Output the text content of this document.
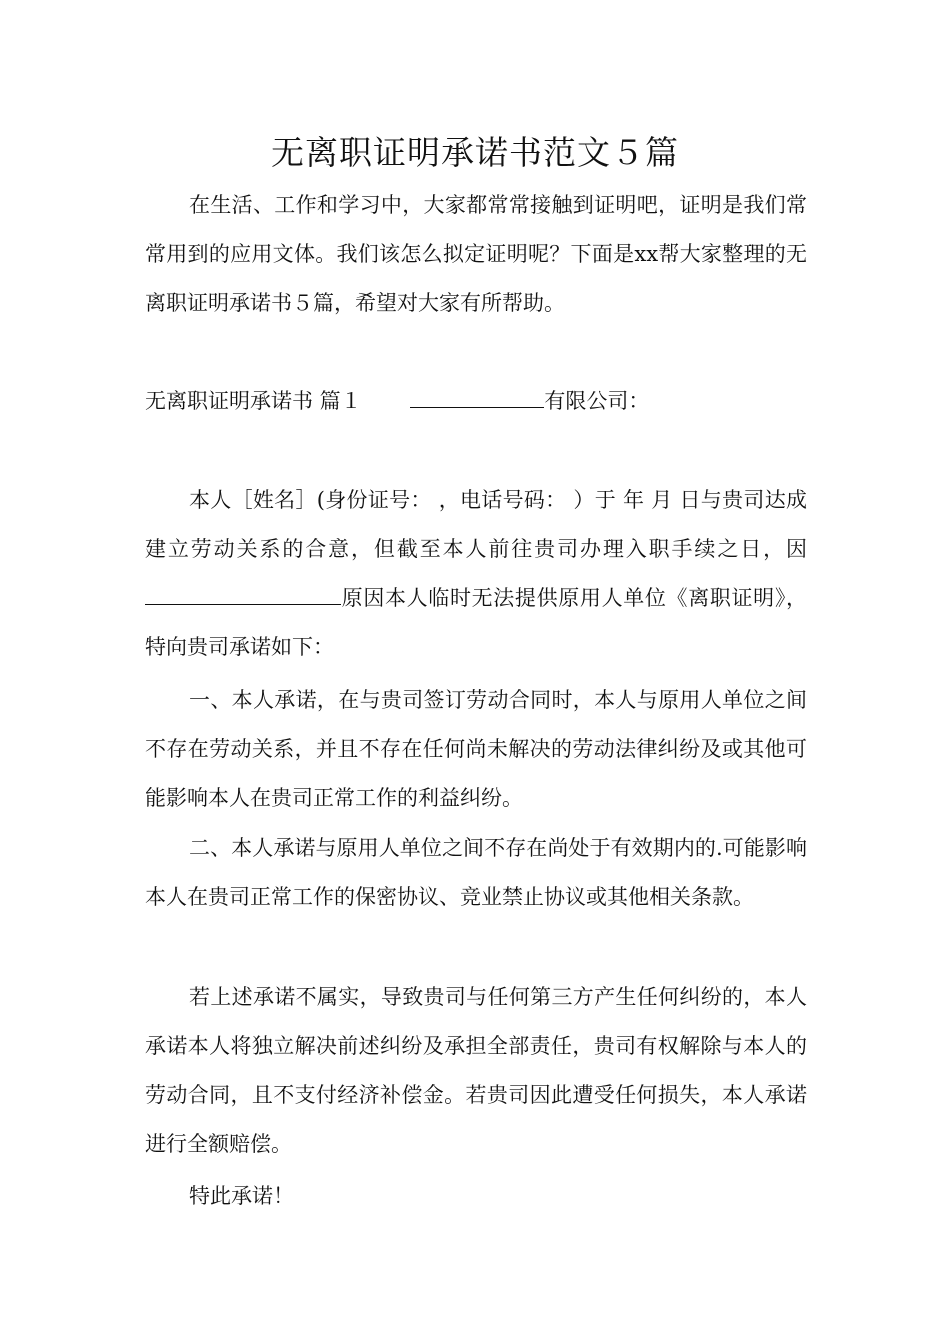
无离职证明承诺书范文５篇

在生活、工作和学习中，大家都常常接触到证明吧，证明是我们常常用到的应用文体。我们该怎么拟定证明呢？下面是xx帮大家整理的无离职证明承诺书５篇，希望对大家有所帮助。

无离职证明承诺书 篇１	有限公司：

本人［姓名］(身份证号： ，电话号码： ）于 年 月 日与贵司达成建立劳动关系的合意，但截至本人前往贵司办理入职手续之日，因原因本人临时无法提供原用人单位《离职证明》，特向贵司承诺如下：

一、本人承诺，在与贵司签订劳动合同时，本人与原用人单位之间不存在劳动关系，并且不存在任何尚未解决的劳动法律纠纷及或其他可能影响本人在贵司正常工作的利益纠纷。

二、本人承诺与原用人单位之间不存在尚处于有效期内的.可能影响本人在贵司正常工作的保密协议、竞业禁止协议或其他相关条款。

若上述承诺不属实，导致贵司与任何第三方产生任何纠纷的，本人承诺本人将独立解决前述纠纷及承担全部责任，贵司有权解除与本人的劳动合同，且不支付经济补偿金。若贵司因此遭受任何损失，本人承诺进行全额赔偿。

特此承诺！
